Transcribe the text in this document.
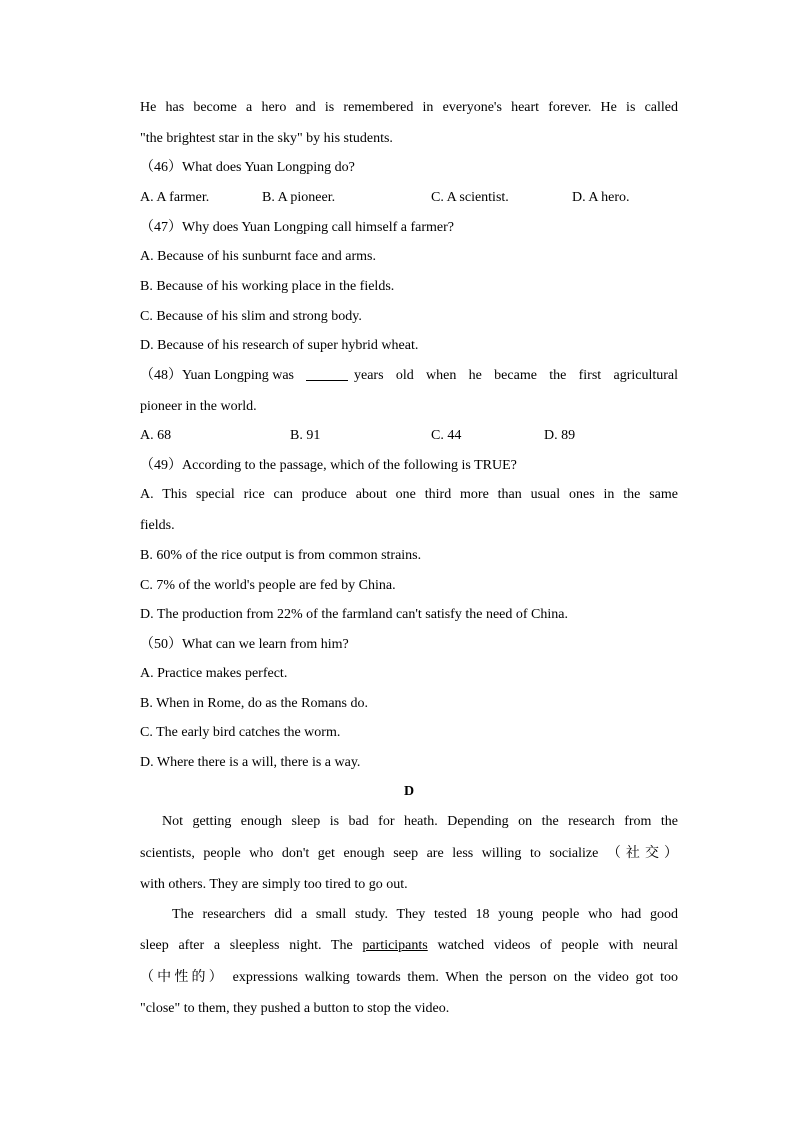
He has become a hero and is remembered in everyone's heart forever. He is called
"the brightest star in the sky" by his students.
（46）What does Yuan Longping do?
A. A farmer.	B. A pioneer.	C. A scientist.	D. A hero.
（47）Why does Yuan Longping call himself a farmer?
A. Because of his sunburnt face and arms.
B. Because of his working place in the fields.
C. Because of his slim and strong body.
D. Because of his research of super hybrid wheat.
（48）Yuan Longping was	years old when he became the first agricultural
pioneer in the world.
A. 68	B. 91	C. 44	D. 89
（49）According to the passage, which of the following is TRUE?
A. This special rice can produce about one third more than usual ones in the same
fields.
B. 60% of the rice output is from common strains.
C. 7% of the world's people are fed by China.
D. The production from 22% of the farmland can't satisfy the need of China.
（50）What can we learn from him?
A. Practice makes perfect.
B. When in Rome, do as the Romans do.
C. The early bird catches the worm.
D. Where there is a will, there is a way.
D
Not getting enough sleep is bad for heath. Depending on the research from the
scientists, people who don't get enough seep are less willing to socialize （社交）
with others. They are simply too tired to go out.
The researchers did a small study. They tested 18 young people who had good
sleep after a sleepless night. The participants watched videos of people with neural
（中性的） expressions walking towards them. When the person on the video got too
"close" to them, they pushed a button to stop the video.
